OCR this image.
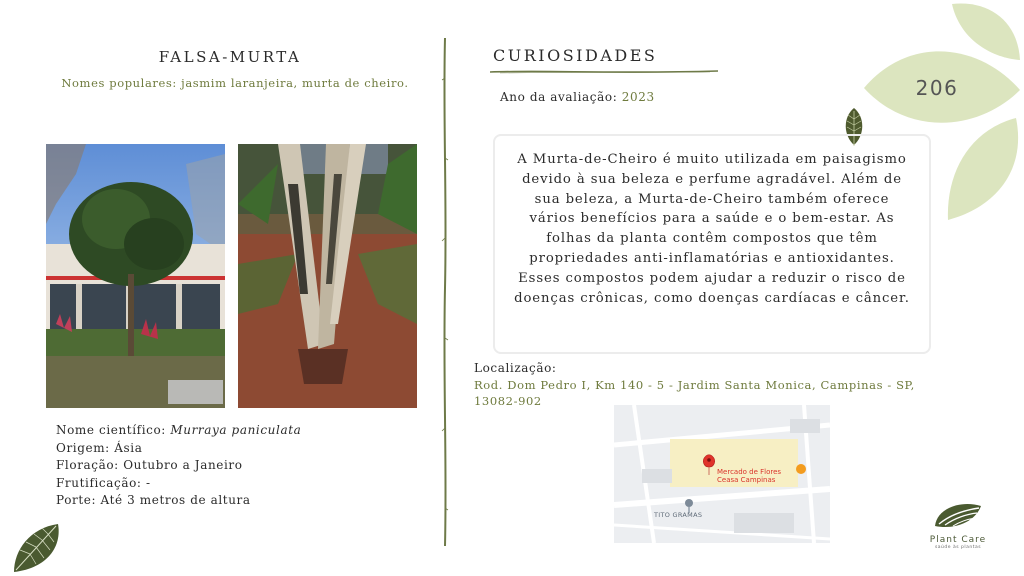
FALSA-MURTA
Nomes populares: jasmim laranjeira, murta de cheiro.
Nome científico: Murraya paniculata
Origem: Ásia
Floração: Outubro a Janeiro
Frutificação: -
Porte: Até 3 metros de altura
CURIOSIDADES
Ano da avaliação: 2023
A Murta-de-Cheiro é muito utilizada em paisagismo devido à sua beleza e perfume agradável. Além de sua beleza, a Murta-de-Cheiro também oferece vários benefícios para a saúde e o bem-estar. As folhas da planta contêm compostos que têm propriedades anti-inflamatórias e antioxidantes. Esses compostos podem ajudar a reduzir o risco de doenças crônicas, como doenças cardíacas e câncer.
Localização:
Rod. Dom Pedro I, Km 140 - 5 - Jardim Santa Monica, Campinas - SP,
13082-902
Mercado de Flores Ceasa Campinas
TITO GRAMAS
206
Plant Care
saúde às plantas
